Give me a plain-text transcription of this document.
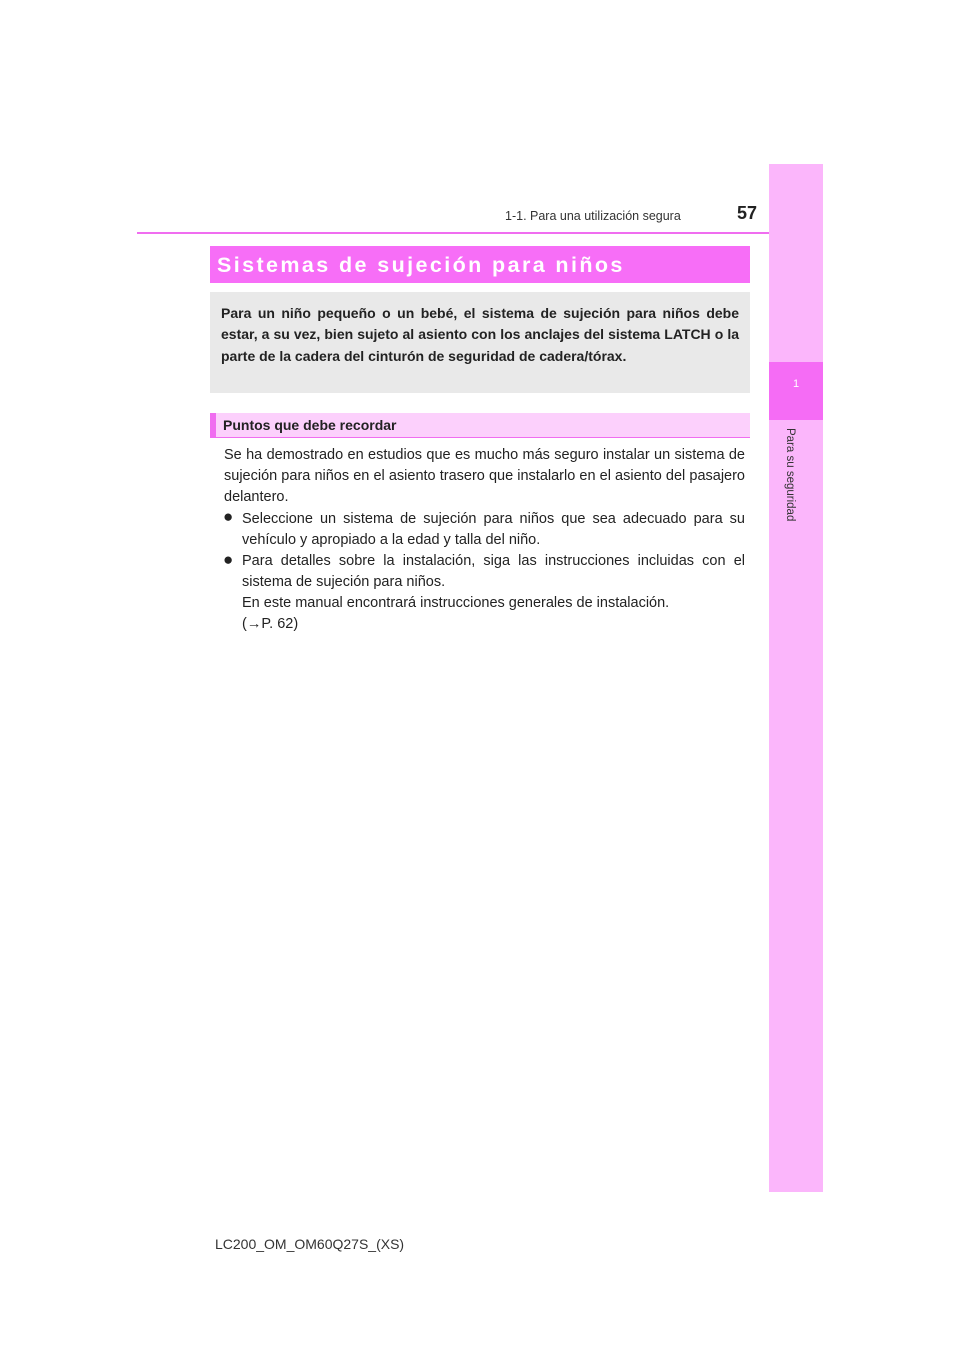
1-1. Para una utilización segura	57
1
Para su seguridad
Sistemas de sujeción para niños
Para un niño pequeño o un bebé, el sistema de sujeción para niños debe estar, a su vez, bien sujeto al asiento con los anclajes del sistema LATCH o la parte de la cadera del cinturón de seguridad de cadera/tórax.
Puntos que debe recordar
Se ha demostrado en estudios que es mucho más seguro instalar un sistema de sujeción para niños en el asiento trasero que instalarlo en el asiento del pasajero delantero.
● Seleccione un sistema de sujeción para niños que sea adecuado para su vehículo y apropiado a la edad y talla del niño.
● Para detalles sobre la instalación, siga las instrucciones incluidas con el sistema de sujeción para niños.
En este manual encontrará instrucciones generales de instalación.
(→P. 62)
LC200_OM_OM60Q27S_(XS)
